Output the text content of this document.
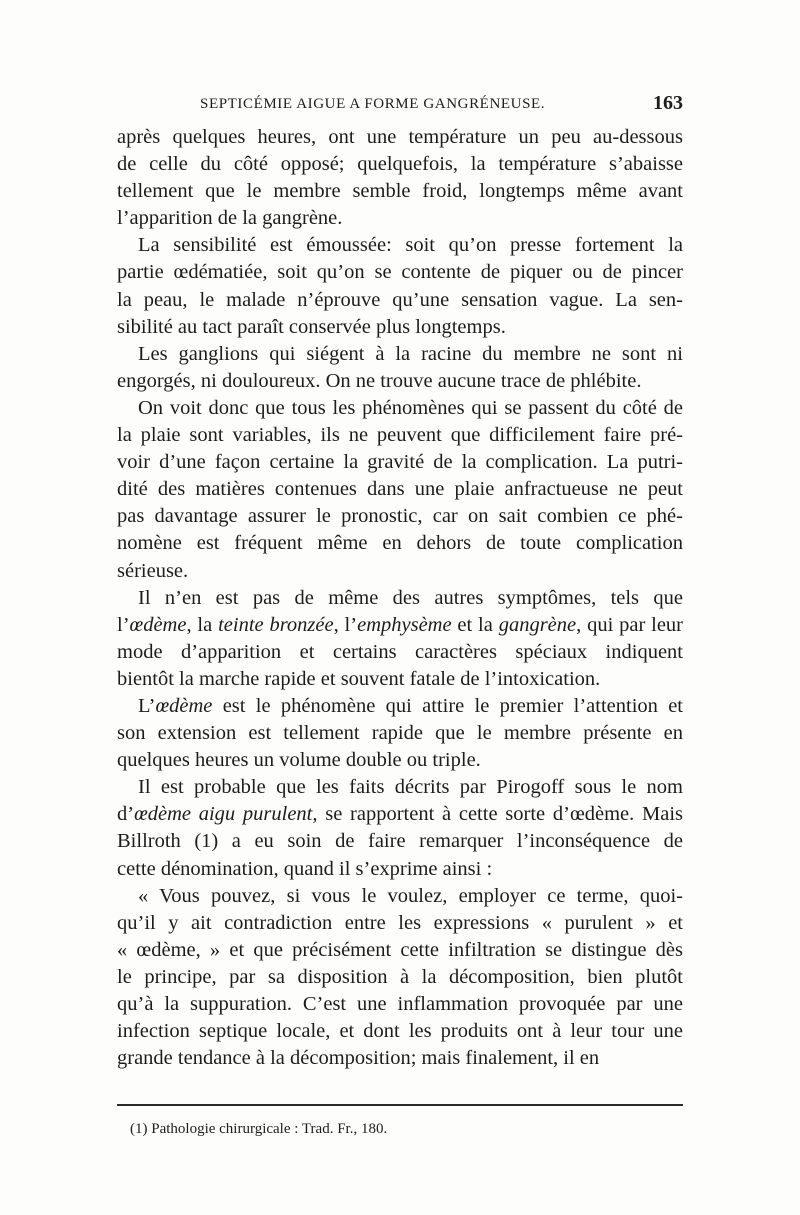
SEPTICÉMIE AIGUE A FORME GANGRÉNEUSE.	163
après quelques heures, ont une température un peu au-dessous
de celle du côté opposé; quelquefois, la température s’abaisse
tellement que le membre semble froid, longtemps même avant
l’apparition de la gangrène.
La sensibilité est émoussée: soit qu’on presse fortement la
partie œdématiée, soit qu’on se contente de piquer ou de pincer
la peau, le malade n’éprouve qu’une sensation vague. La sen-
sibilité au tact paraît conservée plus longtemps.
Les ganglions qui siégent à la racine du membre ne sont ni
engorgés, ni douloureux. On ne trouve aucune trace de phlébite.
On voit donc que tous les phénomènes qui se passent du côté de
la plaie sont variables, ils ne peuvent que difficilement faire pré-
voir d’une façon certaine la gravité de la complication. La putri-
dité des matières contenues dans une plaie anfractueuse ne peut
pas davantage assurer le pronostic, car on sait combien ce phé-
nomène est fréquent même en dehors de toute complication
sérieuse.
Il n’en est pas de même des autres symptômes, tels que
l’œdème, la teinte bronzée, l’emphysème et la gangrène, qui par leur
mode d’apparition et certains caractères spéciaux indiquent
bientôt la marche rapide et souvent fatale de l’intoxication.
L’œdème est le phénomène qui attire le premier l’attention et
son extension est tellement rapide que le membre présente en
quelques heures un volume double ou triple.
Il est probable que les faits décrits par Pirogoff sous le nom
d’œdème aigu purulent, se rapportent à cette sorte d’œdème. Mais
Billroth (1) a eu soin de faire remarquer l’inconséquence de
cette dénomination, quand il s’exprime ainsi :
« Vous pouvez, si vous le voulez, employer ce terme, quoi-
qu’il y ait contradiction entre les expressions « purulent » et
« œdème, » et que précisément cette infiltration se distingue dès
le principe, par sa disposition à la décomposition, bien plutôt
qu’à la suppuration. C’est une inflammation provoquée par une
infection septique locale, et dont les produits ont à leur tour une
grande tendance à la décomposition; mais finalement, il en
(1) Pathologie chirurgicale : Trad. Fr., 180.
